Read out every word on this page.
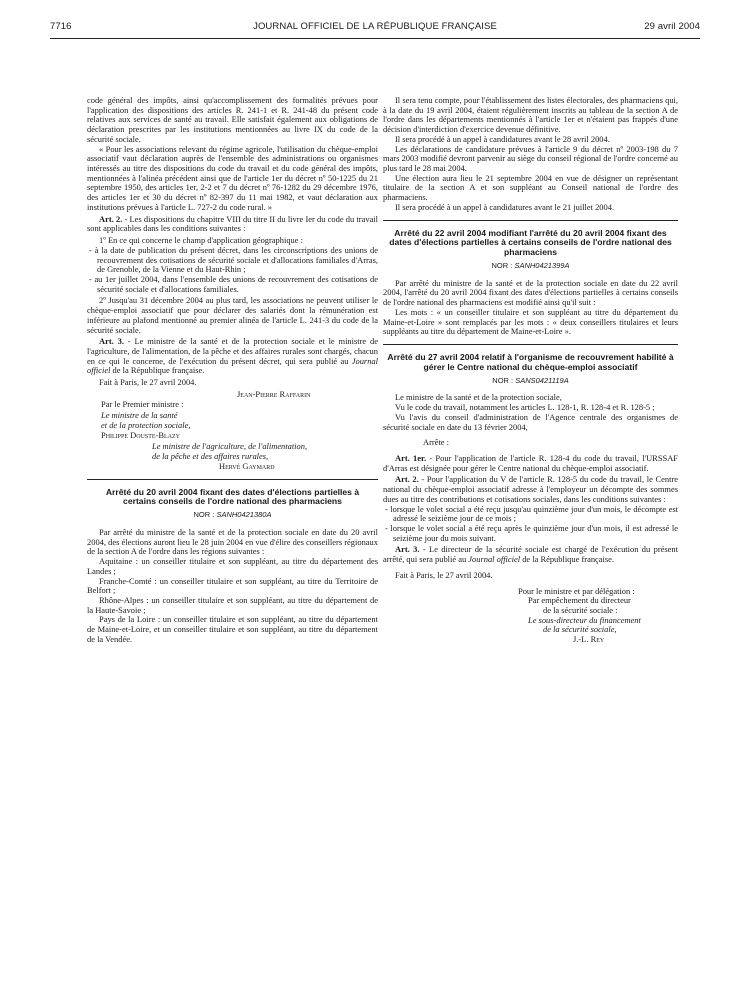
7716	JOURNAL OFFICIEL DE LA RÉPUBLIQUE FRANÇAISE	29 avril 2004

code général des impôts, ainsi qu'accomplissement des formalités prévues pour l'application des dispositions des articles R. 241-1 et R. 241-48 du présent code relatives aux services de santé au travail. Elle satisfait également aux obligations de déclaration prescrites par les institutions mentionnées au livre IX du code de la sécurité sociale.

« Pour les associations relevant du régime agricole, l'utilisation du chèque-emploi associatif vaut déclaration auprès de l'ensemble des administrations ou organismes intéressés au titre des dispositions du code du travail et du code général des impôts, mentionnées à l'alinéa précédent ainsi que de l'article 1er du décret nº 50-1225 du 21 septembre 1950, des articles 1er, 2-2 et 7 du décret nº 76-1282 du 29 décembre 1976, des articles 1er et 30 du décret nº 82-397 du 11 mai 1982, et vaut déclaration aux institutions prévues à l'article L. 727-2 du code rural. »

Art. 2. - Les dispositions du chapitre VIII du titre II du livre Ier du code du travail sont applicables dans les conditions suivantes :

1º En ce qui concerne le champ d'application géographique :

- à la date de publication du présent décret, dans les circonscriptions des unions de recouvrement des cotisations de sécurité sociale et d'allocations familiales d'Arras, de Grenoble, de la Vienne et du Haut-Rhin ;

- au 1er juillet 2004, dans l'ensemble des unions de recouvrement des cotisations de sécurité sociale et d'allocations familiales.

2º Jusqu'au 31 décembre 2004 au plus tard, les associations ne peuvent utiliser le chèque-emploi associatif que pour déclarer des salariés dont la rémunération est inférieure au plafond mentionné au premier alinéa de l'article L. 241-3 du code de la sécurité sociale.

Art. 3. - Le ministre de la santé et de la protection sociale et le ministre de l'agriculture, de l'alimentation, de la pêche et des affaires rurales sont chargés, chacun en ce qui le concerne, de l'exécution du présent décret, qui sera publié au Journal officiel de la République française.

Fait à Paris, le 27 avril 2004.

Jean-Pierre Raffarin

Par le Premier ministre :

Le ministre de la santé

et de la protection sociale,

Philippe Douste-Blazy

Le ministre de l'agriculture, de l'alimentation,

de la pêche et des affaires rurales,

Hervé Gaymard

Arrêté du 20 avril 2004 fixant des dates d'élections partielles à certains conseils de l'ordre national des pharmaciens

NOR : SANH0421380A

Par arrêté du ministre de la santé et de la protection sociale en date du 20 avril 2004, des élections auront lieu le 28 juin 2004 en vue d'élire des conseillers régionaux de la section A de l'ordre dans les régions suivantes :

Aquitaine : un conseiller titulaire et son suppléant, au titre du département des Landes ;

Franche-Comté : un conseiller titulaire et son suppléant, au titre du Territoire de Belfort ;

Rhône-Alpes : un conseiller titulaire et son suppléant, au titre du département de la Haute-Savoie ;

Pays de la Loire : un conseiller titulaire et son suppléant, au titre du département de Maine-et-Loire, et un conseiller titulaire et son suppléant, au titre du département de la Vendée.

Il sera tenu compte, pour l'établissement des listes électorales, des pharmaciens qui, à la date du 19 avril 2004, étaient régulièrement inscrits au tableau de la section A de l'ordre dans les départements mentionnés à l'article 1er et n'étaient pas frappés d'une décision d'interdiction d'exercice devenue définitive.

Il sera procédé à un appel à candidatures avant le 28 avril 2004.

Les déclarations de candidature prévues à l'article 9 du décret nº 2003-198 du 7 mars 2003 modifié devront parvenir au siège du conseil régional de l'ordre concerné au plus tard le 28 mai 2004.

Une élection aura lieu le 21 septembre 2004 en vue de désigner un représentant titulaire de la section A et son suppléant au Conseil national de l'ordre des pharmaciens.

Il sera procédé à un appel à candidatures avant le 21 juillet 2004.

Arrêté du 22 avril 2004 modifiant l'arrêté du 20 avril 2004 fixant des dates d'élections partielles à certains conseils de l'ordre national des pharmaciens

NOR : SANH0421399A

Par arrêté du ministre de la santé et de la protection sociale en date du 22 avril 2004, l'arrêté du 20 avril 2004 fixant des dates d'élections partielles à certains conseils de l'ordre national des pharmaciens est modifié ainsi qu'il suit :

Les mots : « un conseiller titulaire et son suppléant au titre du département du Maine-et-Loire » sont remplacés par les mots : « deux conseillers titulaires et leurs suppléants au titre du département de Maine-et-Loire ».

Arrêté du 27 avril 2004 relatif à l'organisme de recouvrement habilité à gérer le Centre national du chèque-emploi associatif

NOR : SANS0421119A

Le ministre de la santé et de la protection sociale,

Vu le code du travail, notamment les articles L. 128-1, R. 128-4 et R. 128-5 ;

Vu l'avis du conseil d'administration de l'Agence centrale des organismes de sécurité sociale en date du 13 février 2004,

Arrête :

Art. 1er. - Pour l'application de l'article R. 128-4 du code du travail, l'URSSAF d'Arras est désignée pour gérer le Centre national du chèque-emploi associatif.

Art. 2. - Pour l'application du V de l'article R. 128-5 du code du travail, le Centre national du chèque-emploi associatif adresse à l'employeur un décompte des sommes dues au titre des contributions et cotisations sociales, dans les conditions suivantes :

- lorsque le volet social a été reçu jusqu'au quinzième jour d'un mois, le décompte est adressé le seizième jour de ce mois ;

- lorsque le volet social a été reçu après le quinzième jour d'un mois, il est adressé le seizième jour du mois suivant.

Art. 3. - Le directeur de la sécurité sociale est chargé de l'exécution du présent arrêté, qui sera publié au Journal officiel de la République française.

Fait à Paris, le 27 avril 2004.

Pour le ministre et par délégation :

Par empêchement du directeur

de la sécurité sociale :

Le sous-directeur du financement

de la sécurité sociale,

J.-L. Rey
